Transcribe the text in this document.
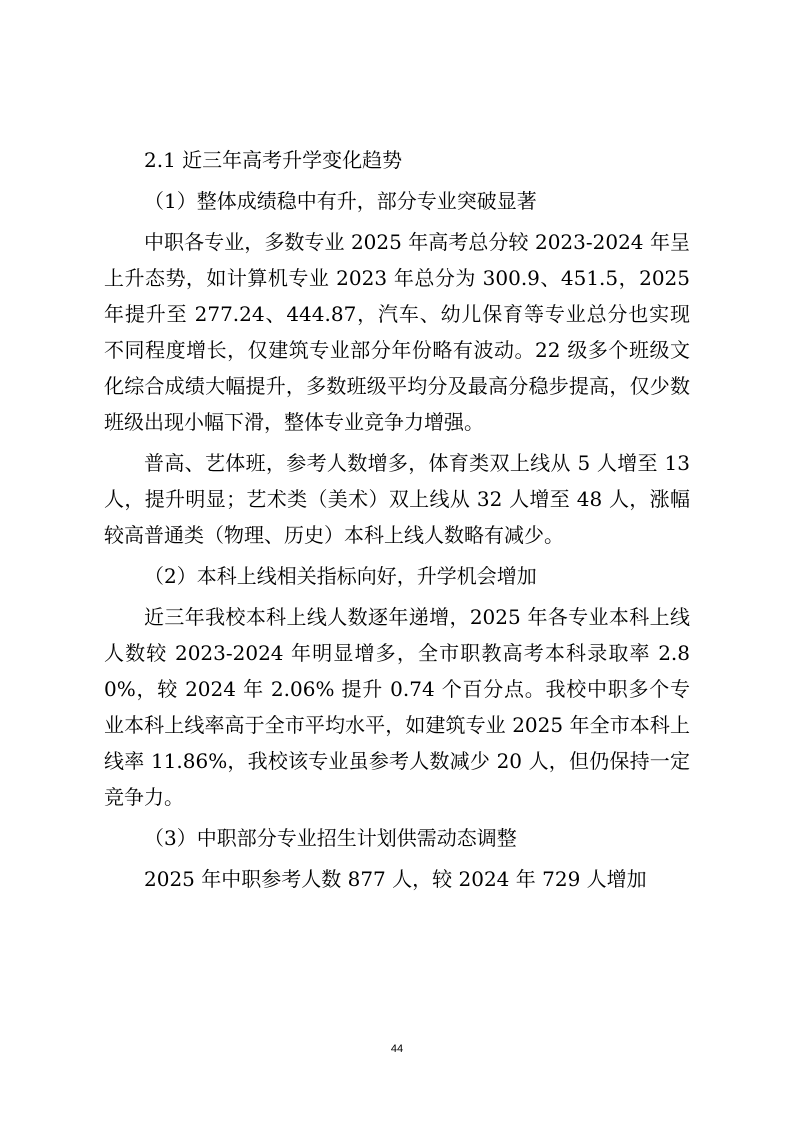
2.1 近三年高考升学变化趋势

（1）整体成绩稳中有升，部分专业突破显著

中职各专业，多数专业 2025 年高考总分较 2023-2024 年呈上升态势，如计算机专业 2023 年总分为 300.9、451.5，2025 年提升至 277.24、444.87，汽车、幼儿保育等专业总分也实现不同程度增长，仅建筑专业部分年份略有波动。22 级多个班级文化综合成绩大幅提升，多数班级平均分及最高分稳步提高，仅少数班级出现小幅下滑，整体专业竞争力增强。

普高、艺体班，参考人数增多，体育类双上线从 5 人增至 13 人，提升明显；艺术类（美术）双上线从 32 人增至 48 人，涨幅较高普通类（物理、历史）本科上线人数略有减少。

（2）本科上线相关指标向好，升学机会增加

近三年我校本科上线人数逐年递增，2025 年各专业本科上线人数较 2023-2024 年明显增多，全市职教高考本科录取率 2.80%，较 2024 年 2.06% 提升 0.74 个百分点。我校中职多个专业本科上线率高于全市平均水平，如建筑专业 2025 年全市本科上线率 11.86%，我校该专业虽参考人数减少 20 人，但仍保持一定竞争力。

（3）中职部分专业招生计划供需动态调整

2025 年中职参考人数 877 人，较 2024 年 729 人增加

44
